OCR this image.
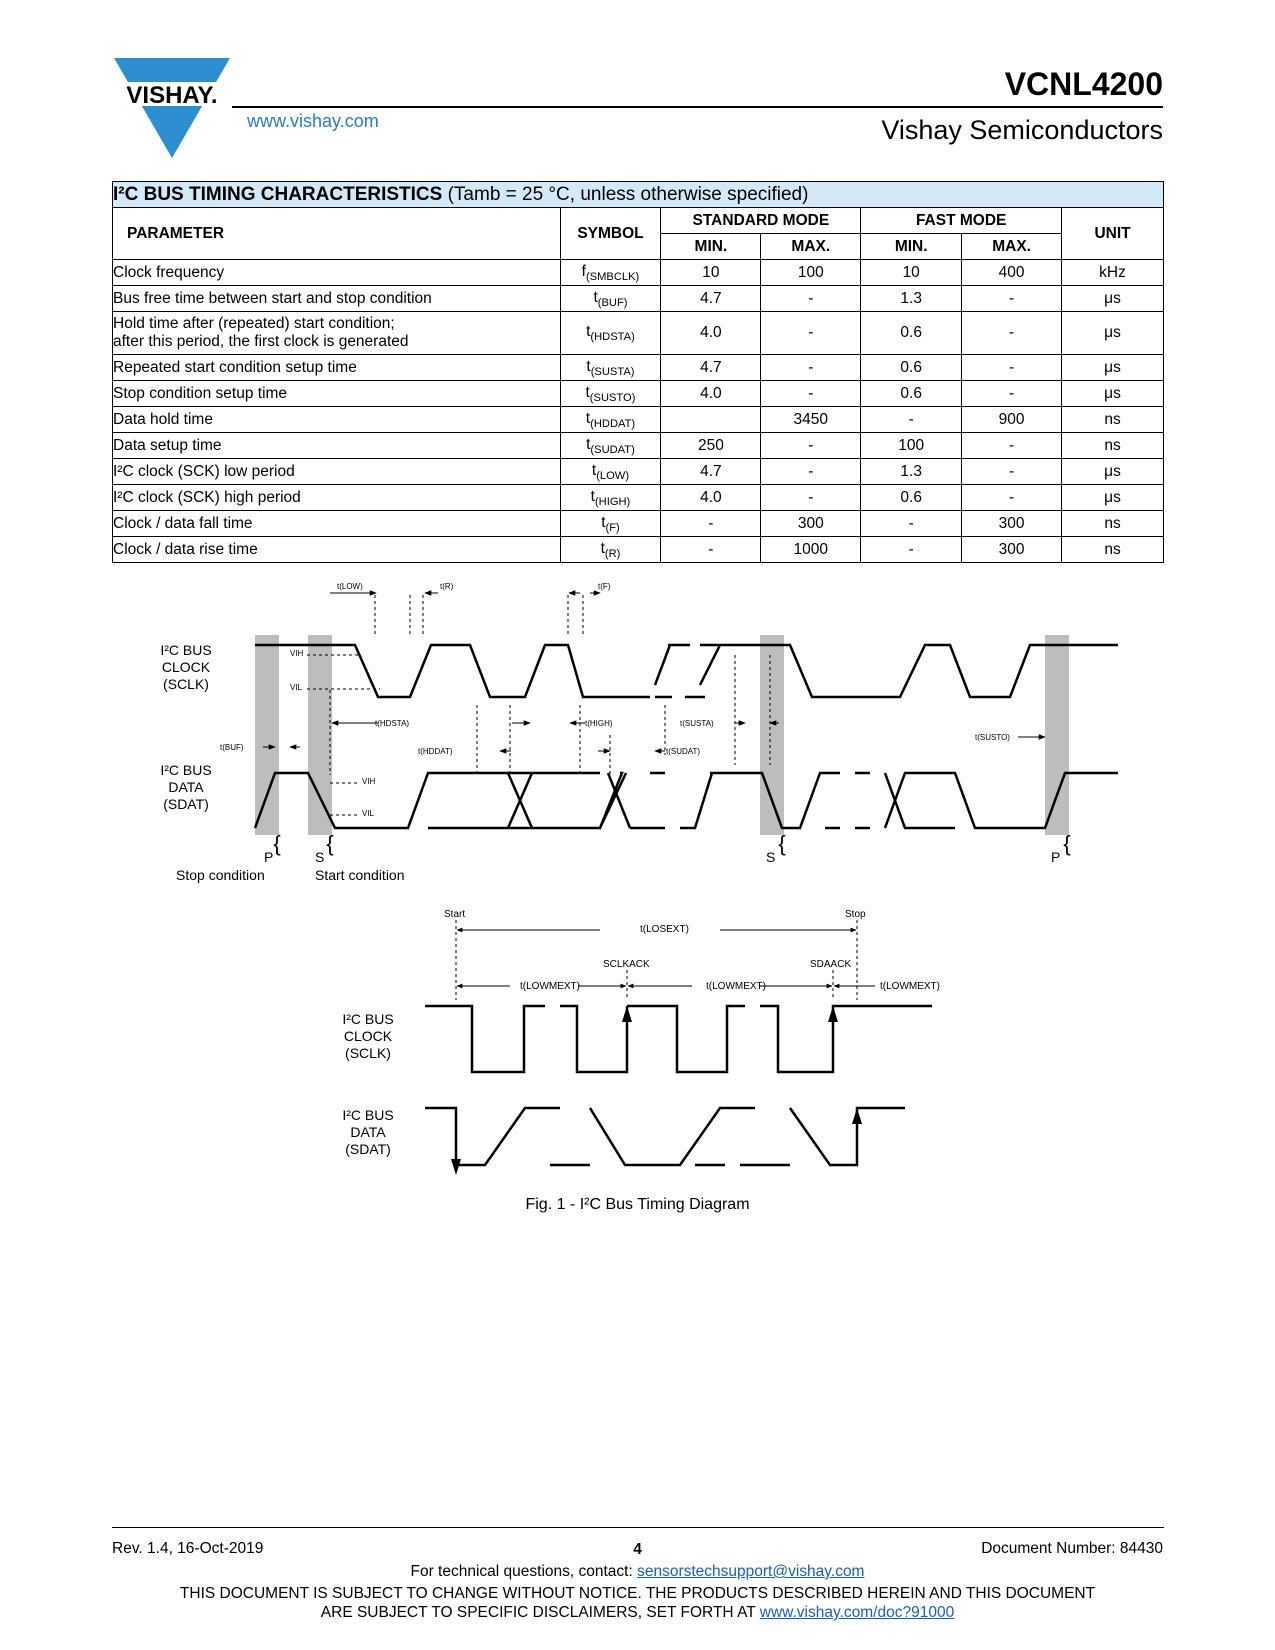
VISHAY.
www.vishay.com
VCNL4200
Vishay Semiconductors
I²C BUS TIMING CHARACTERISTICS (Tamb = 25 °C, unless otherwise specified)						
PARAMETER	SYMBOL	STANDARD MODE		FAST MODE		UNIT
		MIN.	MAX.	MIN.	MAX.	
Clock frequency	$f_{(SMBCLK)}$	10	100	10	400	kHz
Bus free time between start and stop condition	$t_{(BUF)}$	4.7	-	1.3	-	μs
Hold time after (repeated) start condition;
after this period, the first clock is generated	$t_{(HDSTA)}$	4.0	-	0.6	-	μs
Repeated start condition setup time	$t_{(SUSTA)}$	4.7	-	0.6	-	μs
Stop condition setup time	$t_{(SUSTO)}$	4.0	-	0.6	-	μs
Data hold time	$t_{(HDDAT)}$		3450	-	900	ns
Data setup time	$t_{(SUDAT)}$	250	-	100	-	ns
I²C clock (SCK) low period	$t_{(LOW)}$	4.7	-	1.3	-	μs
I²C clock (SCK) high period	$t_{(HIGH)}$	4.0	-	0.6	-	μs
Clock / data fall time	$t_{(F)}$	-	300	-	300	ns
Clock / data rise time	$t_{(R)}$	-	1000	-	300	ns
t(LOW)	t(R)	t(F)
VIH
VIL
t(HDSTA)	t(HIGH)	t(SUSTA)
t(BUF)	t(HDDAT)	t(SUDAT)
t(SUSTO)
VIH
VIL
I²C BUS
CLOCK
(SCLK)
I²C BUS
DATA
(SDAT)
{ {	{	{
P	S	S	P
Stop condition	Start condition
Start	Stop
t(LOSEXT)
SCLKACK	SDAACK
t(LOWMEXT)	t(LOWMEXT)	t(LOWMEXT)
I²C BUS
CLOCK
(SCLK)
I²C BUS
DATA
(SDAT)
Fig. 1 - I²C Bus Timing Diagram
Rev. 1.4, 16-Oct-2019	4	Document Number: 84430
For technical questions, contact: sensorstechsupport@vishay.com
THIS DOCUMENT IS SUBJECT TO CHANGE WITHOUT NOTICE. THE PRODUCTS DESCRIBED HEREIN AND THIS DOCUMENT
ARE SUBJECT TO SPECIFIC DISCLAIMERS, SET FORTH AT www.vishay.com/doc?91000
